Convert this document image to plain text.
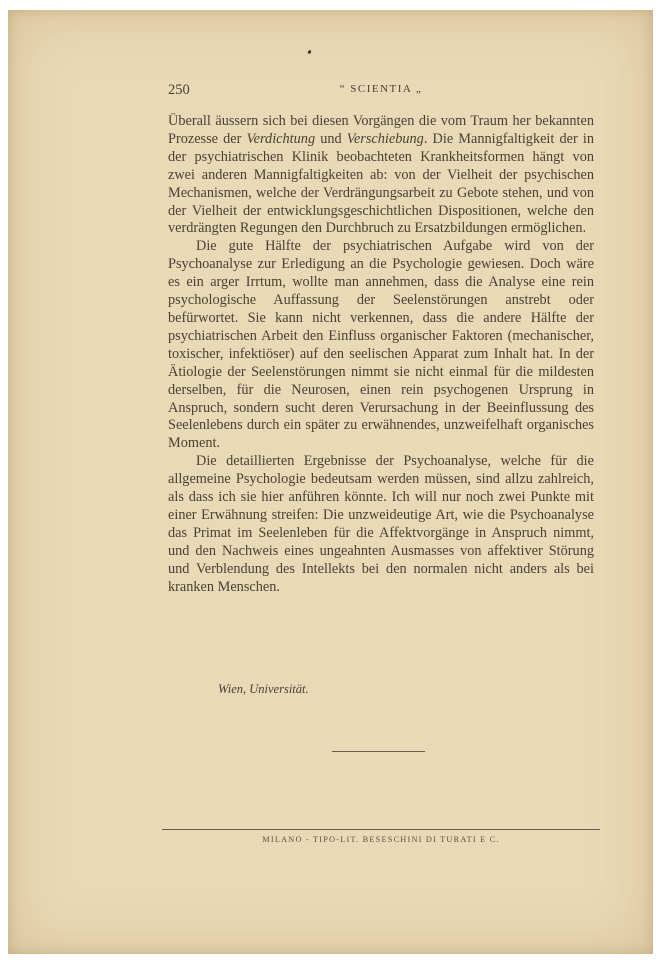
250	“ SCIENTIA „

Überall äussern sich bei diesen Vorgängen die vom Traum her bekannten Prozesse der Verdichtung und Verschiebung. Die Mannigfaltigkeit der in der psychiatrischen Klinik beobachteten Krankheitsformen hängt von zwei anderen Mannigfaltigkeiten ab: von der Vielheit der psychischen Mechanismen, welche der Verdrängungsarbeit zu Gebote stehen, und von der Vielheit der entwicklungsgeschichtlichen Dispositionen, welche den verdrängten Regungen den Durchbruch zu Ersatzbildungen ermöglichen.

Die gute Hälfte der psychiatrischen Aufgabe wird von der Psychoanalyse zur Erledigung an die Psychologie gewiesen. Doch wäre es ein arger Irrtum, wollte man annehmen, dass die Analyse eine rein psychologische Auffassung der Seelenstörungen anstrebt oder befürwortet. Sie kann nicht verkennen, dass die andere Hälfte der psychiatrischen Arbeit den Einfluss organischer Faktoren (mechanischer, toxischer, infektiöser) auf den seelischen Apparat zum Inhalt hat. In der Ätiologie der Seelenstörungen nimmt sie nicht einmal für die mildesten derselben, für die Neurosen, einen rein psychogenen Ursprung in Anspruch, sondern sucht deren Verursachung in der Beeinflussung des Seelenlebens durch ein später zu erwähnendes, unzweifelhaft organisches Moment.

Die detaillierten Ergebnisse der Psychoanalyse, welche für die allgemeine Psychologie bedeutsam werden müssen, sind allzu zahlreich, als dass ich sie hier anführen könnte. Ich will nur noch zwei Punkte mit einer Erwähnung streifen: Die unzweideutige Art, wie die Psychoanalyse das Primat im Seelenleben für die Affektvorgänge in Anspruch nimmt, und den Nachweis eines ungeahnten Ausmasses von affektiver Störung und Verblendung des Intellekts bei den normalen nicht anders als bei kranken Menschen.

Wien, Universität.
MILANO - TIPO-LIT. BESESCHINI DI TURATI E C.
